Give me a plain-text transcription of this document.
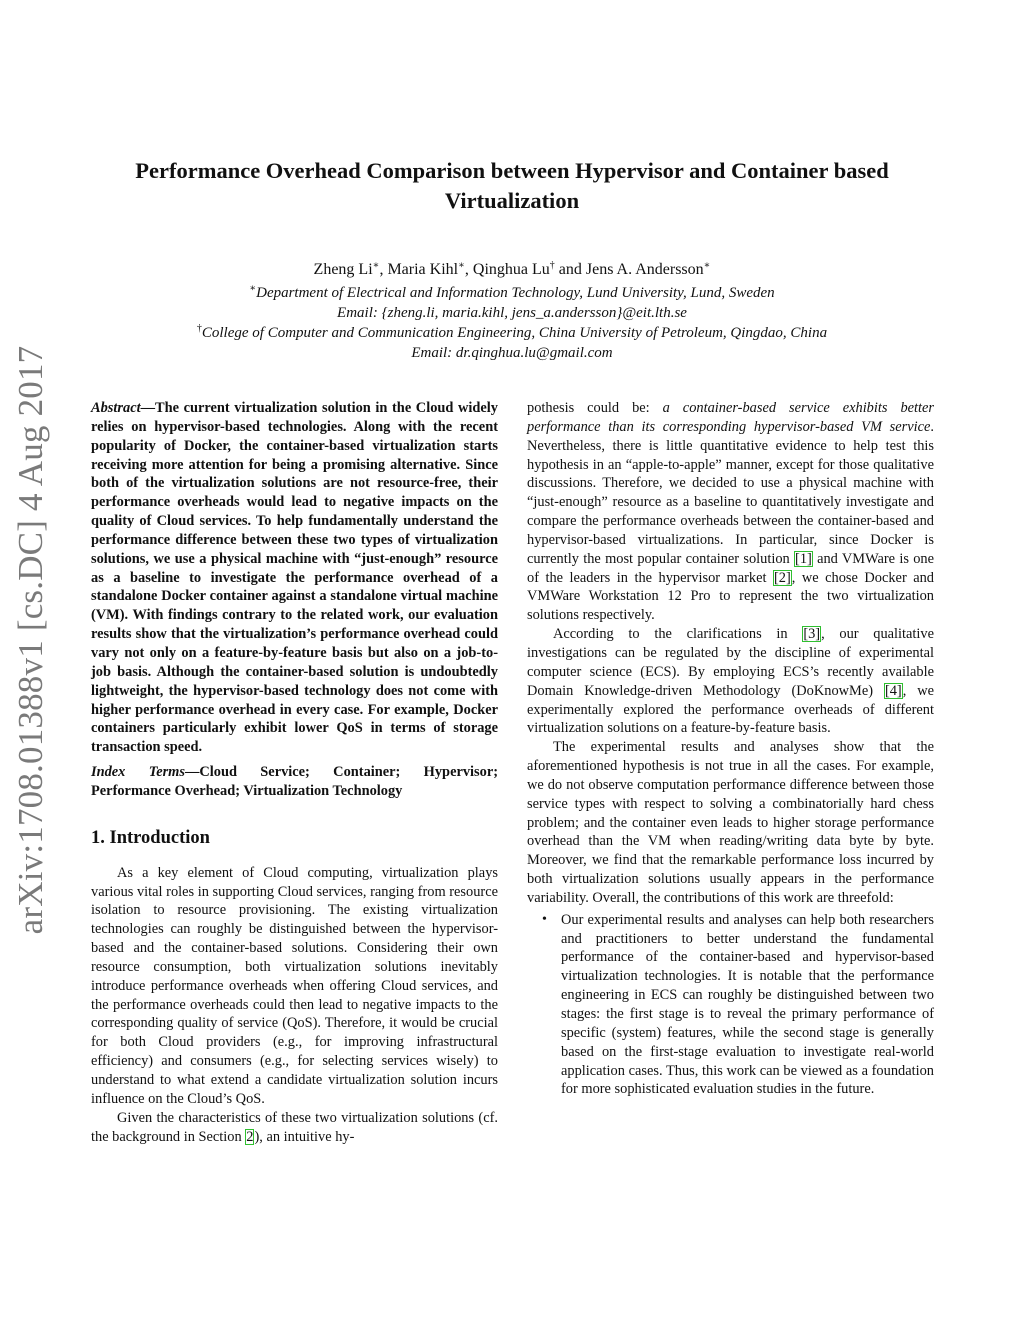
arXiv:1708.01388v1 [cs.DC] 4 Aug 2017
Performance Overhead Comparison between Hypervisor and Container based
Virtualization
Zheng Li∗, Maria Kihl∗, Qinghua Lu† and Jens A. Andersson∗
∗Department of Electrical and Information Technology, Lund University, Lund, Sweden
Email: {zheng.li, maria.kihl, jens_a.andersson}@eit.lth.se
†College of Computer and Communication Engineering, China University of Petroleum, Qingdao, China
Email: dr.qinghua.lu@gmail.com

Abstract—The current virtualization solution in the Cloud widely relies on hypervisor-based technologies. Along with the recent popularity of Docker, the container-based virtualization starts receiving more attention for being a promising alternative. Since both of the virtualization solutions are not resource-free, their performance overheads would lead to negative impacts on the quality of Cloud services. To help fundamentally understand the performance difference between these two types of virtualization solutions, we use a physical machine with “just-enough” resource as a baseline to investigate the performance overhead of a standalone Docker container against a standalone virtual machine (VM). With findings contrary to the related work, our evaluation results show that the virtualization’s performance overhead could vary not only on a feature-by-feature basis but also on a job-to-job basis. Although the container-based solution is undoubtedly lightweight, the hypervisor-based technology does not come with higher performance overhead in every case. For example, Docker containers particularly exhibit lower QoS in terms of storage transaction speed.

Index Terms—Cloud Service; Container; Hypervisor; Performance Overhead; Virtualization Technology

1. Introduction

As a key element of Cloud computing, virtualization plays various vital roles in supporting Cloud services, ranging from resource isolation to resource provisioning. The existing virtualization technologies can roughly be distinguished between the hypervisor-based and the container-based solutions. Considering their own resource consumption, both virtualization solutions inevitably introduce performance overheads when offering Cloud services, and the performance overheads could then lead to negative impacts to the corresponding quality of service (QoS). Therefore, it would be crucial for both Cloud providers (e.g., for improving infrastructural efficiency) and consumers (e.g., for selecting services wisely) to understand to what extend a candidate virtualization solution incurs influence on the Cloud’s QoS.

Given the characteristics of these two virtualization solutions (cf. the background in Section 2), an intuitive hy-

pothesis could be: a container-based service exhibits better performance than its corresponding hypervisor-based VM service. Nevertheless, there is little quantitative evidence to help test this hypothesis in an “apple-to-apple” manner, except for those qualitative discussions. Therefore, we decided to use a physical machine with “just-enough” resource as a baseline to quantitatively investigate and compare the performance overheads between the container-based and hypervisor-based virtualizations. In particular, since Docker is currently the most popular container solution [1] and VMWare is one of the leaders in the hypervisor market [2], we chose Docker and VMWare Workstation 12 Pro to represent the two virtualization solutions respectively.

According to the clarifications in [3], our qualitative investigations can be regulated by the discipline of experimental computer science (ECS). By employing ECS’s recently available Domain Knowledge-driven Methodology (DoKnowMe) [4], we experimentally explored the performance overheads of different virtualization solutions on a feature-by-feature basis.

The experimental results and analyses show that the aforementioned hypothesis is not true in all the cases. For example, we do not observe computation performance difference between those service types with respect to solving a combinatorially hard chess problem; and the container even leads to higher storage performance overhead than the VM when reading/writing data byte by byte. Moreover, we find that the remarkable performance loss incurred by both virtualization solutions usually appears in the performance variability. Overall, the contributions of this work are threefold:

• Our experimental results and analyses can help both researchers and practitioners to better understand the fundamental performance of the container-based and hypervisor-based virtualization technologies. It is notable that the performance engineering in ECS can roughly be distinguished between two stages: the first stage is to reveal the primary performance of specific (system) features, while the second stage is generally based on the first-stage evaluation to investigate real-world application cases. Thus, this work can be viewed as a foundation for more sophisticated evaluation studies in the future.
